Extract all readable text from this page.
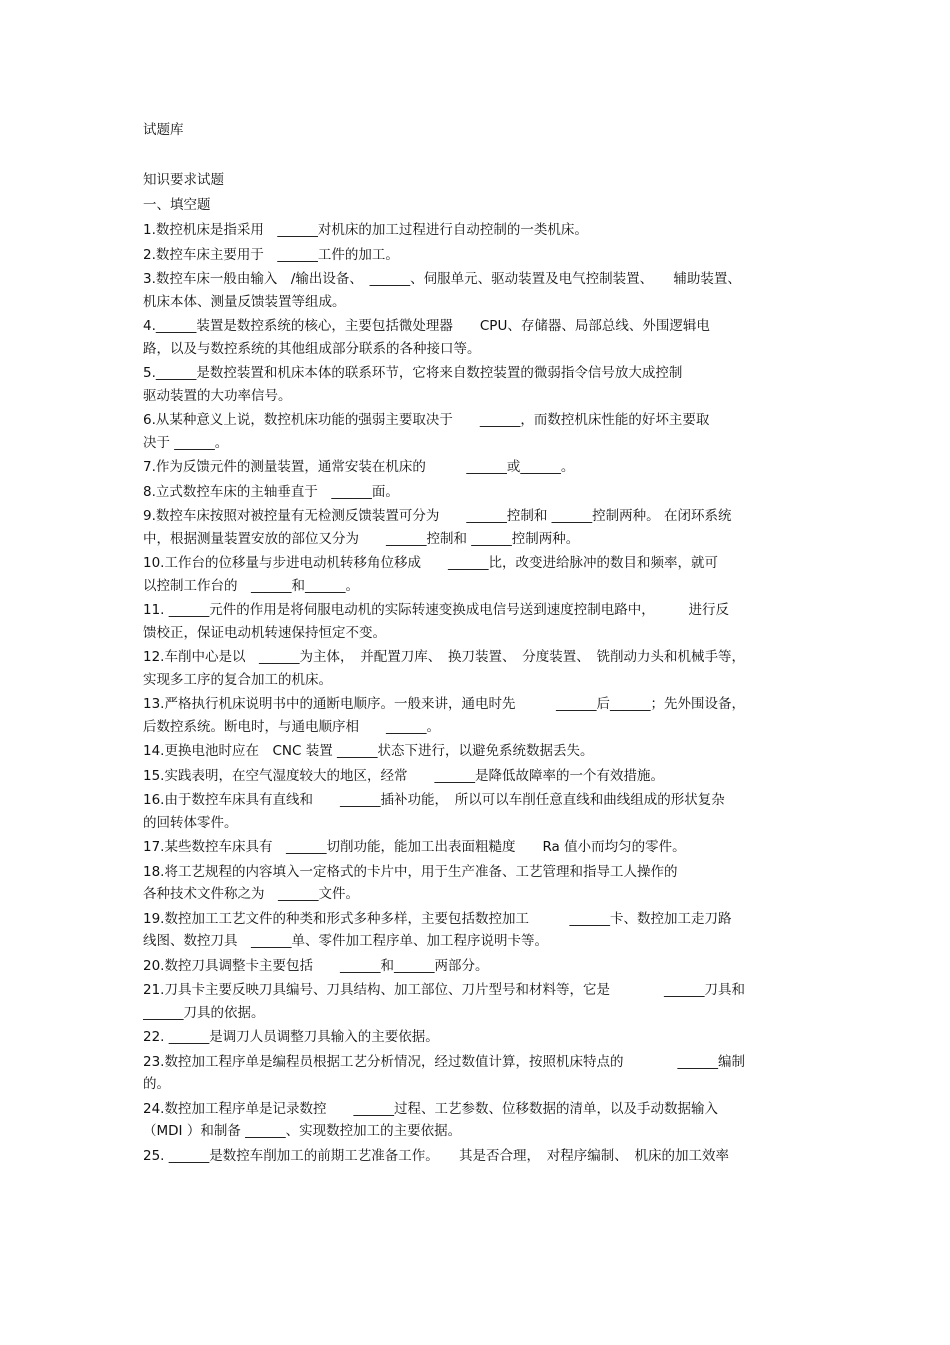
试题库
知识要求试题
一、填空题
1.数控机床是指采用　______对机床的加工过程进行自动控制的一类机床。
2.数控车床主要用于　______工件的加工。
3.数控车床一般由输入　/输出设备、　______、伺服单元、驱动装置及电气控制装置、　　辅助装置、
机床本体、测量反馈装置等组成。
4.______装置是数控系统的核心，主要包括微处理器　　CPU、存储器、局部总线、外围逻辑电
路，以及与数控系统的其他组成部分联系的各种接口等。
5.______是数控装置和机床本体的联系环节，它将来自数控装置的微弱指令信号放大成控制
驱动装置的大功率信号。
6.从某种意义上说，数控机床功能的强弱主要取决于　　______，而数控机床性能的好坏主要取
决于 ______。
7.作为反馈元件的测量装置，通常安装在机床的　　　______或______。
8.立式数控车床的主轴垂直于　______面。
9.数控车床按照对被控量有无检测反馈装置可分为　　______控制和 ______控制两种。 在闭环系统
中，根据测量装置安放的部位又分为　　______控制和 ______控制两种。
10.工作台的位移量与步进电动机转移角位移成　　______比，改变进给脉冲的数目和频率，就可
以控制工作台的　______和______。
11. ______元件的作用是将伺服电动机的实际转速变换成电信号送到速度控制电路中，　　　进行反
馈校正，保证电动机转速保持恒定不变。
12.车削中心是以　______为主体，　并配置刀库、　换刀装置、　分度装置、　铣削动力头和机械手等，
实现多工序的复合加工的机床。
13.严格执行机床说明书中的通断电顺序。一般来讲，通电时先　　　______后______；先外围设备，
后数控系统。断电时，与通电顺序相　　______。
14.更换电池时应在　CNC 装置 ______状态下进行，以避免系统数据丢失。
15.实践表明，在空气湿度较大的地区，经常　　______是降低故障率的一个有效措施。
16.由于数控车床具有直线和　　______插补功能，　所以可以车削任意直线和曲线组成的形状复杂
的回转体零件。
17.某些数控车床具有　______切削功能，能加工出表面粗糙度　　Ra 值小而均匀的零件。
18.将工艺规程的内容填入一定格式的卡片中，用于生产准备、工艺管理和指导工人操作的
各种技术文件称之为　______文件。
19.数控加工工艺文件的种类和形式多种多样，主要包括数控加工　　　______卡、数控加工走刀路
线图、数控刀具　______单、零件加工程序单、加工程序说明卡等。
20.数控刀具调整卡主要包括　　______和______两部分。
21.刀具卡主要反映刀具编号、刀具结构、加工部位、刀片型号和材料等，它是　　　　______刀具和
______刀具的依据。
22. ______是调刀人员调整刀具输入的主要依据。
23.数控加工程序单是编程员根据工艺分析情况，经过数值计算，按照机床特点的　　　　______编制
的。
24.数控加工程序单是记录数控　　______过程、工艺参数、位移数据的清单，以及手动数据输入
（MDI ）和制备 ______、实现数控加工的主要依据。
25. ______是数控车削加工的前期工艺准备工作。　　其是否合理，　对程序编制、　机床的加工效率
